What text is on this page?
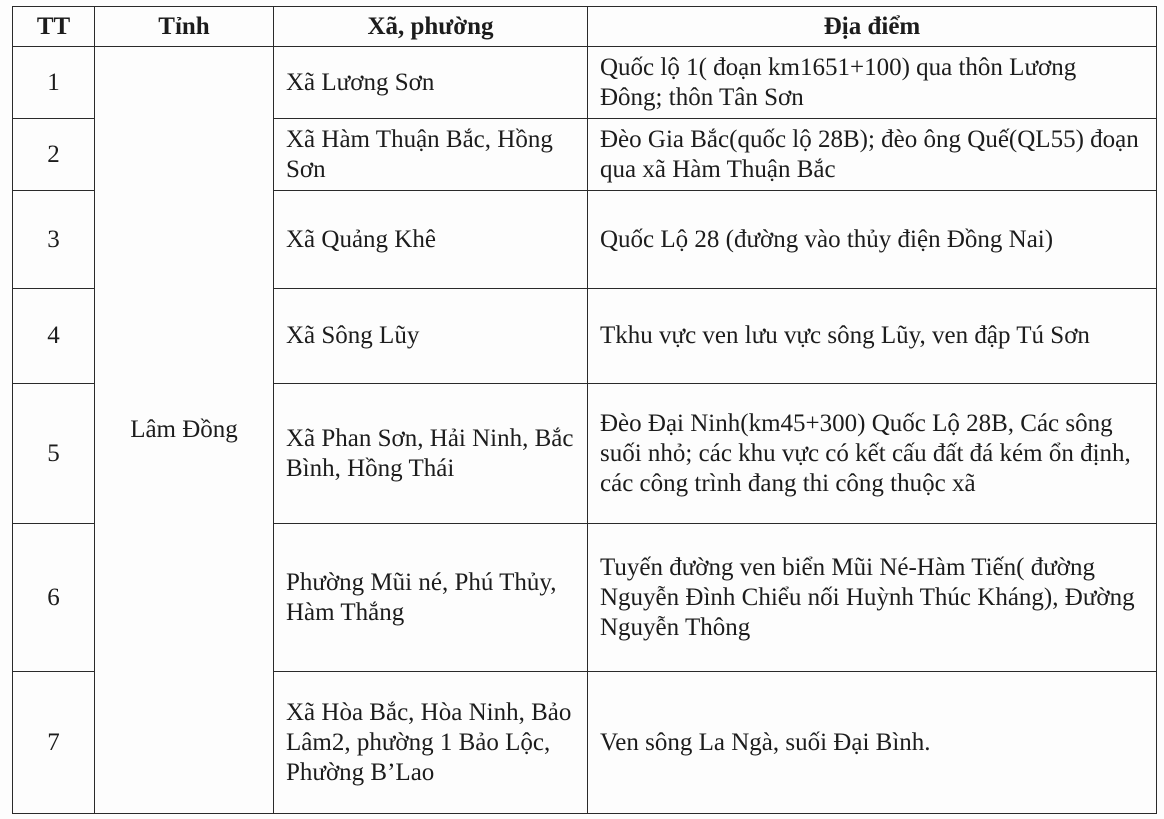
TT	Tỉnh	Xã, phường	Địa điểm
1	Lâm Đồng	Xã Lương Sơn	Quốc lộ 1( đoạn km1651+100) qua thôn Lương Đông; thôn Tân Sơn
2		Xã Hàm Thuận Bắc, Hồng Sơn	Đèo Gia Bắc(quốc lộ 28B); đèo ông Quế(QL55) đoạn qua xã Hàm Thuận Bắc
3		Xã Quảng Khê	Quốc Lộ 28 (đường vào thủy điện Đồng Nai)
4		Xã Sông Lũy	Tkhu vực ven lưu vực sông Lũy, ven đập Tú Sơn
5		Xã Phan Sơn, Hải Ninh, Bắc Bình, Hồng Thái	Đèo Đại Ninh(km45+300) Quốc Lộ 28B, Các sông suối nhỏ; các khu vực có kết cấu đất đá kém ổn định, các công trình đang thi công thuộc xã
6		Phường Mũi né, Phú Thủy, Hàm Thắng	Tuyến đường ven biển Mũi Né-Hàm Tiến( đường Nguyễn Đình Chiểu nối Huỳnh Thúc Kháng), Đường Nguyễn Thông
7		Xã Hòa Bắc, Hòa Ninh, Bảo Lâm2, phường 1 Bảo Lộc, Phường B’Lao	Ven sông La Ngà, suối Đại Bình.
